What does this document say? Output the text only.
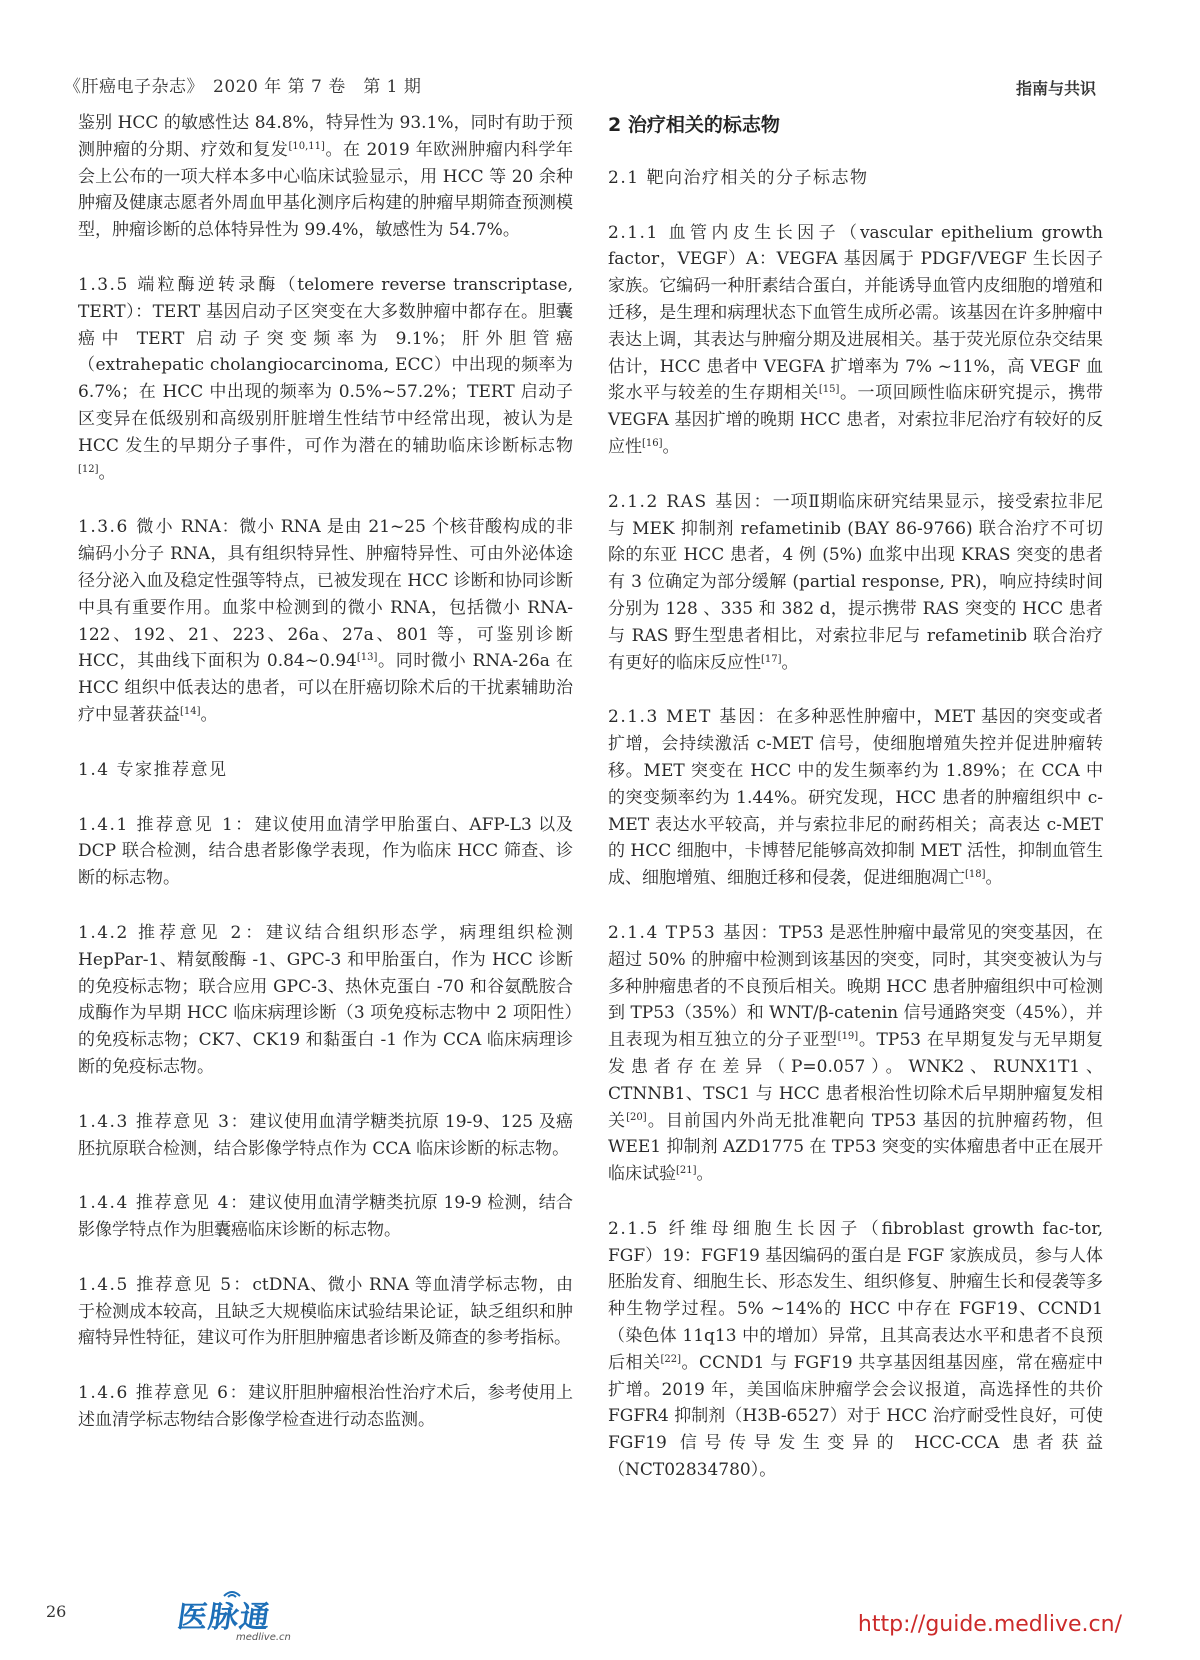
《肝癌电子杂志》　2020 年 第 7 卷　第 1 期	指南与共识

鉴别 HCC 的敏感性达 84.8%，特异性为 93.1%，同时有助于预测肿瘤的分期、疗效和复发[10,11]。在 2019 年欧洲肿瘤内科学年会上公布的一项大样本多中心临床试验显示，用 HCC 等 20 余种肿瘤及健康志愿者外周血甲基化测序后构建的肿瘤早期筛查预测模型，肿瘤诊断的总体特异性为 99.4%，敏感性为 54.7%。

1.3.5 端粒酶逆转录酶（telomere reverse transcriptase, TERT）：TERT 基因启动子区突变在大多数肿瘤中都存在。胆囊癌中 TERT 启动子突变频率为 9.1%；肝外胆管癌（extrahepatic cholangiocarcinoma, ECC）中出现的频率为 6.7%；在 HCC 中出现的频率为 0.5%~57.2%；TERT 启动子区变异在低级别和高级别肝脏增生性结节中经常出现，被认为是 HCC 发生的早期分子事件，可作为潜在的辅助临床诊断标志物[12]。

1.3.6 微小 RNA：微小 RNA 是由 21~25 个核苷酸构成的非编码小分子 RNA，具有组织特异性、肿瘤特异性、可由外泌体途径分泌入血及稳定性强等特点，已被发现在 HCC 诊断和协同诊断中具有重要作用。血浆中检测到的微小 RNA，包括微小 RNA-122、192、21、223、26a、27a、801 等，可鉴别诊断 HCC，其曲线下面积为 0.84~0.94[13]。同时微小 RNA-26a 在 HCC 组织中低表达的患者，可以在肝癌切除术后的干扰素辅助治疗中显著获益[14]。

1.4 专家推荐意见

1.4.1 推荐意见 1：建议使用血清学甲胎蛋白、AFP-L3 以及 DCP 联合检测，结合患者影像学表现，作为临床 HCC 筛查、诊断的标志物。

1.4.2 推荐意见 2：建议结合组织形态学，病理组织检测 HepPar-1、精氨酸酶 -1、GPC-3 和甲胎蛋白，作为 HCC 诊断的免疫标志物；联合应用 GPC-3、热休克蛋白 -70 和谷氨酰胺合成酶作为早期 HCC 临床病理诊断（3 项免疫标志物中 2 项阳性）的免疫标志物；CK7、CK19 和黏蛋白 -1 作为 CCA 临床病理诊断的免疫标志物。

1.4.3 推荐意见 3：建议使用血清学糖类抗原 19-9、125 及癌胚抗原联合检测，结合影像学特点作为 CCA 临床诊断的标志物。

1.4.4 推荐意见 4：建议使用血清学糖类抗原 19-9 检测，结合影像学特点作为胆囊癌临床诊断的标志物。

1.4.5 推荐意见 5：ctDNA、微小 RNA 等血清学标志物，由于检测成本较高，且缺乏大规模临床试验结果论证，缺乏组织和肿瘤特异性特征，建议可作为肝胆肿瘤患者诊断及筛查的参考指标。

1.4.6 推荐意见 6：建议肝胆肿瘤根治性治疗术后，参考使用上述血清学标志物结合影像学检查进行动态监测。

2 治疗相关的标志物

2.1 靶向治疗相关的分子标志物

2.1.1 血管内皮生长因子（vascular epithelium growth factor，VEGF）A：VEGFA 基因属于 PDGF/VEGF 生长因子家族。它编码一种肝素结合蛋白，并能诱导血管内皮细胞的增殖和迁移，是生理和病理状态下血管生成所必需。该基因在许多肿瘤中表达上调，其表达与肿瘤分期及进展相关。基于荧光原位杂交结果估计，HCC 患者中 VEGFA 扩增率为 7% ~11%，高 VEGF 血浆水平与较差的生存期相关[15]。一项回顾性临床研究提示，携带 VEGFA 基因扩增的晚期 HCC 患者，对索拉非尼治疗有较好的反应性[16]。

2.1.2 RAS 基因：一项Ⅱ期临床研究结果显示，接受索拉非尼与 MEK 抑制剂 refametinib (BAY 86-9766) 联合治疗不可切除的东亚 HCC 患者，4 例 (5%) 血浆中出现 KRAS 突变的患者有 3 位确定为部分缓解 (partial response, PR)，响应持续时间分别为 128 、335 和 382 d，提示携带 RAS 突变的 HCC 患者与 RAS 野生型患者相比，对索拉非尼与 refametinib 联合治疗有更好的临床反应性[17]。

2.1.3 MET 基因：在多种恶性肿瘤中，MET 基因的突变或者扩增，会持续激活 c-MET 信号，使细胞增殖失控并促进肿瘤转移。MET 突变在 HCC 中的发生频率约为 1.89%；在 CCA 中的突变频率约为 1.44%。研究发现，HCC 患者的肿瘤组织中 c-MET 表达水平较高，并与索拉非尼的耐药相关；高表达 c-MET 的 HCC 细胞中，卡博替尼能够高效抑制 MET 活性，抑制血管生成、细胞增殖、细胞迁移和侵袭，促进细胞凋亡[18]。

2.1.4 TP53 基因：TP53 是恶性肿瘤中最常见的突变基因，在超过 50% 的肿瘤中检测到该基因的突变，同时，其突变被认为与多种肿瘤患者的不良预后相关。晚期 HCC 患者肿瘤组织中可检测到 TP53（35%）和 WNT/β-catenin 信号通路突变（45%），并且表现为相互独立的分子亚型[19]。TP53 在早期复发与无早期复发患者存在差异（P=0.057）。WNK2、RUNX1T1、CTNNB1、TSC1 与 HCC 患者根治性切除术后早期肿瘤复发相关[20]。目前国内外尚无批准靶向 TP53 基因的抗肿瘤药物，但 WEE1 抑制剂 AZD1775 在 TP53 突变的实体瘤患者中正在展开临床试验[21]。

2.1.5 纤维母细胞生长因子（fibroblast growth fac-tor, FGF）19：FGF19 基因编码的蛋白是 FGF 家族成员，参与人体胚胎发育、细胞生长、形态发生、组织修复、肿瘤生长和侵袭等多种生物学过程。5% ~14%的 HCC 中存在 FGF19、CCND1（染色体 11q13 中的增加）异常，且其高表达水平和患者不良预后相关[22]。CCND1 与 FGF19 共享基因组基因座，常在癌症中扩增。2019 年，美国临床肿瘤学会会议报道，高选择性的共价 FGFR4 抑制剂（H3B-6527）对于 HCC 治疗耐受性良好，可使 FGF19 信号传导发生变异的 HCC-CCA 患者获益（NCT02834780）。

26	医脉通
medlive.cn
http://guide.medlive.cn/
